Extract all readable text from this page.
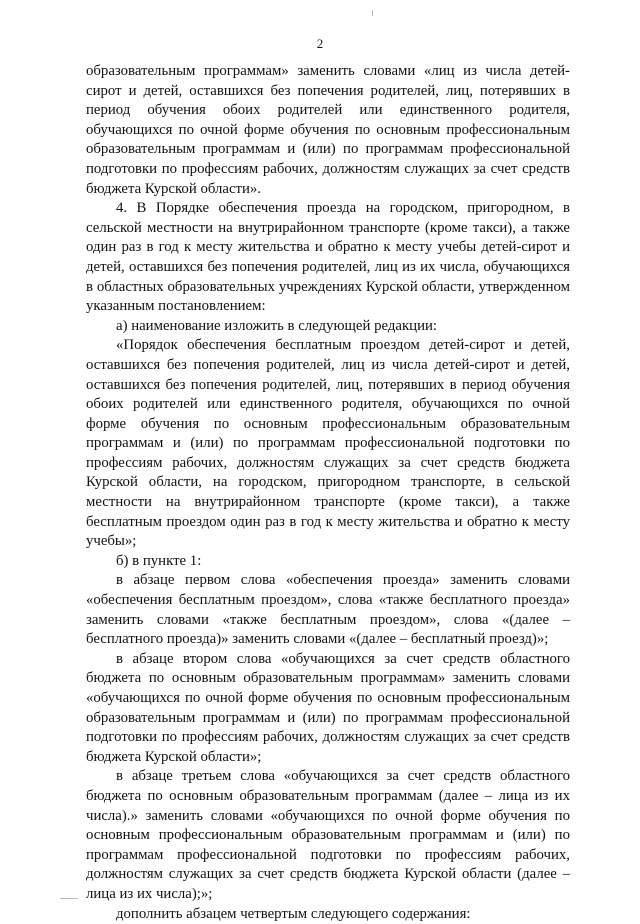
2

образовательным программам» заменить словами «лиц из числа детей-сирот и детей, оставшихся без попечения родителей, лиц, потерявших в период обучения обоих родителей или единственного родителя, обучающихся по очной форме обучения по основным профессиональным образовательным программам и (или) по программам профессиональной подготовки по профессиям рабочих, должностям служащих за счет средств бюджета Курской области».

4. В Порядке обеспечения проезда на городском, пригородном, в сельской местности на внутрирайонном транспорте (кроме такси), а также один раз в год к месту жительства и обратно к месту учебы детей-сирот и детей, оставшихся без попечения родителей, лиц из их числа, обучающихся в областных образовательных учреждениях Курской области, утвержденном указанным постановлением:

а) наименование изложить в следующей редакции:

«Порядок обеспечения бесплатным проездом детей-сирот и детей, оставшихся без попечения родителей, лиц из числа детей-сирот и детей, оставшихся без попечения родителей, лиц, потерявших в период обучения обоих родителей или единственного родителя, обучающихся по очной форме обучения по основным профессиональным образовательным программам и (или) по программам профессиональной подготовки по профессиям рабочих, должностям служащих за счет средств бюджета Курской области, на городском, пригородном транспорте, в сельской местности на внутрирайонном транспорте (кроме такси), а также бесплатным проездом один раз в год к месту жительства и обратно к месту учебы»;

б) в пункте 1:

в абзаце первом слова «обеспечения проезда» заменить словами «обеспечения бесплатным проездом», слова «также бесплатного проезда» заменить словами «также бесплатным проездом», слова «(далее – бесплатного проезда)» заменить словами «(далее – бесплатный проезд)»;

в абзаце втором слова «обучающихся за счет средств областного бюджета по основным образовательным программам» заменить словами «обучающихся по очной форме обучения по основным профессиональным образовательным программам и (или) по программам профессиональной подготовки по профессиям рабочих, должностям служащих за счет средств бюджета Курской области»;

в абзаце третьем слова «обучающихся за счет средств областного бюджета по основным образовательным программам (далее – лица из их числа).» заменить словами «обучающихся по очной форме обучения по основным профессиональным образовательным программам и (или) по программам профессиональной подготовки по профессиям рабочих, должностям служащих за счет средств бюджета Курской области (далее – лица из их числа);»;

дополнить абзацем четвертым следующего содержания:
